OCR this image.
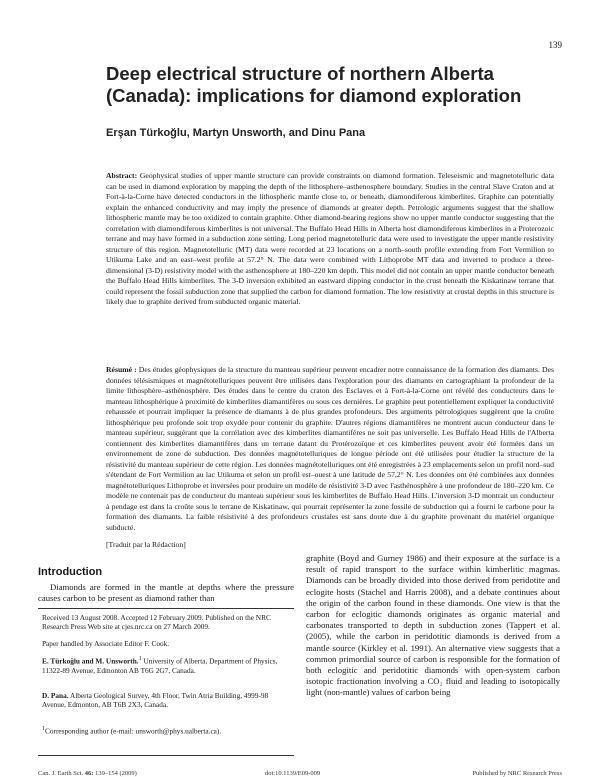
139
Deep electrical structure of northern Alberta (Canada): implications for diamond exploration
Erşan Türkoğlu, Martyn Unsworth, and Dinu Pana

Abstract: Geophysical studies of upper mantle structure can provide constraints on diamond formation. Teleseismic and magnetotelluric data can be used in diamond exploration by mapping the depth of the lithosphere–asthenosphere boundary. Studies in the central Slave Craton and at Fort-à-la-Corne have detected conductors in the lithospheric mantle close to, or beneath, diamondiferous kimberlites. Graphite can potentially explain the enhanced conductivity and may imply the presence of diamonds at greater depth. Petrologic arguments suggest that the shallow lithospheric mantle may be too oxidized to contain graphite. Other diamond-bearing regions show no upper mantle conductor suggesting that the correlation with diamondiferous kimberlites is not universal. The Buffalo Head Hills in Alberta host diamondiferous kimberlites in a Proterozoic terrane and may have formed in a subduction zone setting. Long period magnetotelluric data were used to investigate the upper mantle resistivity structure of this region. Magnetotelluric (MT) data were recorded at 23 locations on a north–south profile extending from Fort Vermilion to Utikuma Lake and an east–west profile at 57.2° N. The data were combined with Lithoprobe MT data and inverted to produce a three-dimensional (3-D) resistivity model with the asthenosphere at 180–220 km depth. This model did not contain an upper mantle conductor beneath the Buffalo Head Hills kimberlites. The 3-D inversion exhibited an eastward dipping conductor in the crust beneath the Kiskatinaw terrane that could represent the fossil subduction zone that supplied the carbon for diamond formation. The low resistivity at crustal depths in this structure is likely due to graphite derived from subducted organic material.

Résumé : Des études géophysiques de la structure du manteau supérieur peuvent encadrer notre connaissance de la formation des diamants. Des données télésismiques et magnétotelluriques peuvent être utilisées dans l'exploration pour des diamants en cartographiant la profondeur de la limite lithosphère–asthénosphère. Des études dans le centre du craton des Esclaves et à Fort-à-la-Corne ont révélé des conducteurs dans le manteau lithosphérique à proximité de kimberlites diamantifères ou sous ces dernières. Le graphite peut potentiellement expliquer la conductivité rehaussée et pourrait impliquer la présence de diamants à de plus grandes profondeurs. Des arguments pétrologiques suggèrent que la croûte lithosphérique peu profonde soit trop oxydée pour contenir du graphite. D'autres régions diamantifères ne montrent aucun conducteur dans le manteau supérieur, suggérant que la corrélation avec des kimberlites diamantifères ne soit pas universelle. Les Buffalo Head Hills de l'Alberta contiennent des kimberlites diamantifères dans un terrane datant du Protérozoïque et ces kimberlites peuvent avoir été formées dans un environnement de zone de subduction. Des données magnétotelluriques de longue période ont été utilisées pour étudier la structure de la résistivité du manteau supérieur de cette région. Les données magnétotelluriques ont été enregistrées à 23 emplacements selon un profil nord–sud s'étendant de Fort Vermilion au lac Utikuma et selon un profil est–ouest à une latitude de 57,2° N. Les données ont été combinées aux données magnétotelluriques Lithoprobe et inversées pour produire un modèle de résistivité 3-D avec l'asthénosphère à une profondeur de 180–220 km. Ce modèle ne contenait pas de conducteur du manteau supérieur sous les kimberlites de Buffalo Head Hills. L'inversion 3-D montrait un conducteur à pendage est dans la croûte sous le terrane de Kiskatinaw, qui pourrait représenter la zone fossile de subduction qui a fourni le carbone pour la formation des diamants. La faible résistivité à des profondeurs crustales est sans doute due à du graphite provenant du matériel organique subducté.

[Traduit par la Rédaction]
Introduction

Diamonds are formed in the mantle at depths where the pressure causes carbon to be present as diamond rather than

Received 13 August 2008. Accepted 12 February 2009. Published on the NRC Research Press Web site at cjes.nrc.ca on 27 March 2009.

Paper handled by Associate Editor F. Cook.

E. Türkoğlu and M. Unsworth.$^1$ University of Alberta, Department of Physics, 11322-89 Avenue, Edmonton AB T6G 2G7, Canada.

D. Pana. Alberta Geological Survey, 4th Floor, Twin Atria Building, 4999-98 Avenue, Edmonton, AB T6B 2X3, Canada.

$^1$Corresponding author (e-mail: unsworth@phys.ualberta.ca).

graphite (Boyd and Gurney 1986) and their exposure at the surface is a result of rapid transport to the surface within kimberlitic magmas. Diamonds can be broadly divided into those derived from peridotite and eclogite hosts (Stachel and Harris 2008), and a debate continues about the origin of the carbon found in these diamonds. One view is that the carbon for eclogitic diamonds originates as organic material and carbonates transported to depth in subduction zones (Tappert et al. (2005), while the carbon in peridotitic diamonds is derived from a mantle source (Kirkley et al. 1991). An alternative view suggests that a common primordial source of carbon is responsible for the formation of both eclogitic and peridotitic diamonds with open-system carbon isotopic fractionation involving a CO₂ fluid and leading to isotopically light (non-mantle) values of carbon being

Can. J. Earth Sci. 46: 139–154 (2009)	doi:10.1139/E09-009	Published by NRC Research Press
